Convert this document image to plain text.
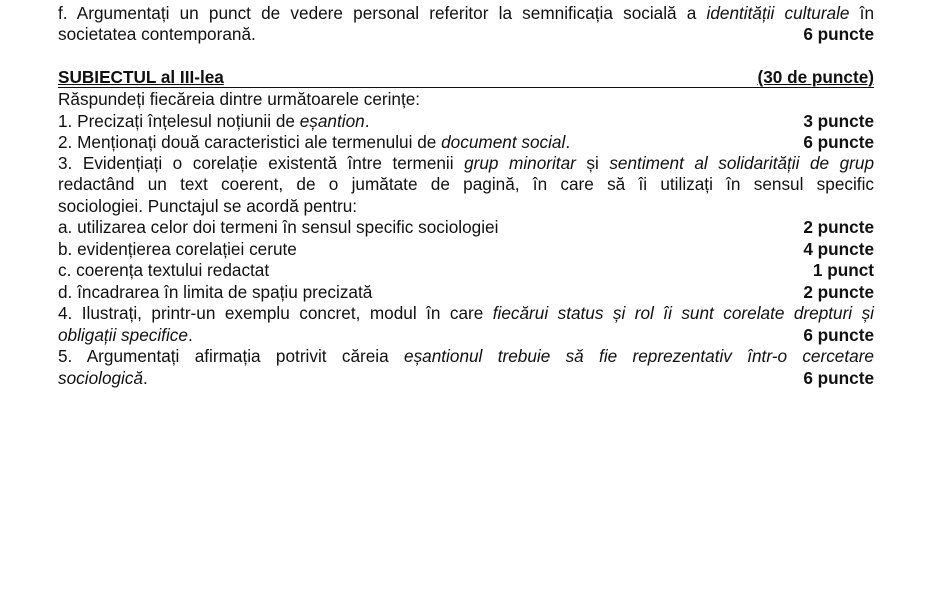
f. Argumentați un punct de vedere personal referitor la semnificația socială a identității culturale în
societatea contemporană.	6 puncte
SUBIECTUL al III-lea	(30 de puncte)
Răspundeți fiecăreia dintre următoarele cerințe:
1. Precizați înțelesul noțiunii de eșantion.	3 puncte
2. Menționați două caracteristici ale termenului de document social.	6 puncte
3. Evidențiați o corelație existentă între termenii grup minoritar și sentiment al solidarității de grup
redactând un text coerent, de o jumătate de pagină, în care să îi utilizați în sensul specific
sociologiei. Punctajul se acordă pentru:
a. utilizarea celor doi termeni în sensul specific sociologiei	2 puncte
b. evidențierea corelației cerute	4 puncte
c. coerența textului redactat	1 punct
d. încadrarea în limita de spațiu precizată	2 puncte
4. Ilustrați, printr-un exemplu concret, modul în care fiecărui status și rol îi sunt corelate drepturi și
obligații specifice.	6 puncte
5. Argumentați afirmația potrivit căreia eșantionul trebuie să fie reprezentativ într-o cercetare
sociologică.	6 puncte
